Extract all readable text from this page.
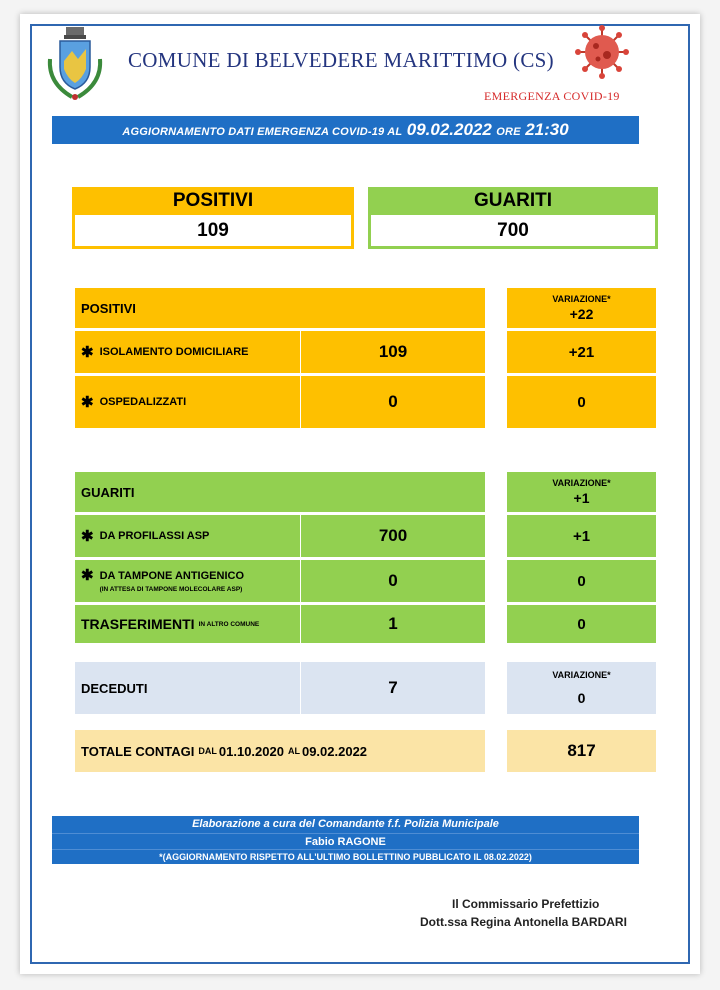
COMUNE DI BELVEDERE MARITTIMO (CS)
EMERGENZA COVID-19
AGGIORNAMENTO DATI EMERGENZA COVID-19 AL 09.02.2022 ORE 21:30
POSITIVI
109
GUARITI
700
POSITIVI
VARIAZIONE*
+22
✱ ISOLAMENTO DOMICILIARE	109	+21
✱ OSPEDALIZZATI	0	0
GUARITI
VARIAZIONE*
+1
✱ DA PROFILASSI ASP	700	+1
✱ DA TAMPONE ANTIGENICO
(IN ATTESA DI TAMPONE MOLECOLARE ASP)	0	0
TRASFERIMENTI IN ALTRO COMUNE	1	0
DECEDUTI	7
VARIAZIONE*
0
TOTALE CONTAGI DAL 01.10.2020 AL 09.02.2022	817
Elaborazione a cura del Comandante f.f. Polizia Municipale
Fabio RAGONE
*(AGGIORNAMENTO RISPETTO ALL'ULTIMO BOLLETTINO PUBBLICATO IL 08.02.2022)
Il Commissario Prefettizio
Dott.ssa Regina Antonella BARDARI
